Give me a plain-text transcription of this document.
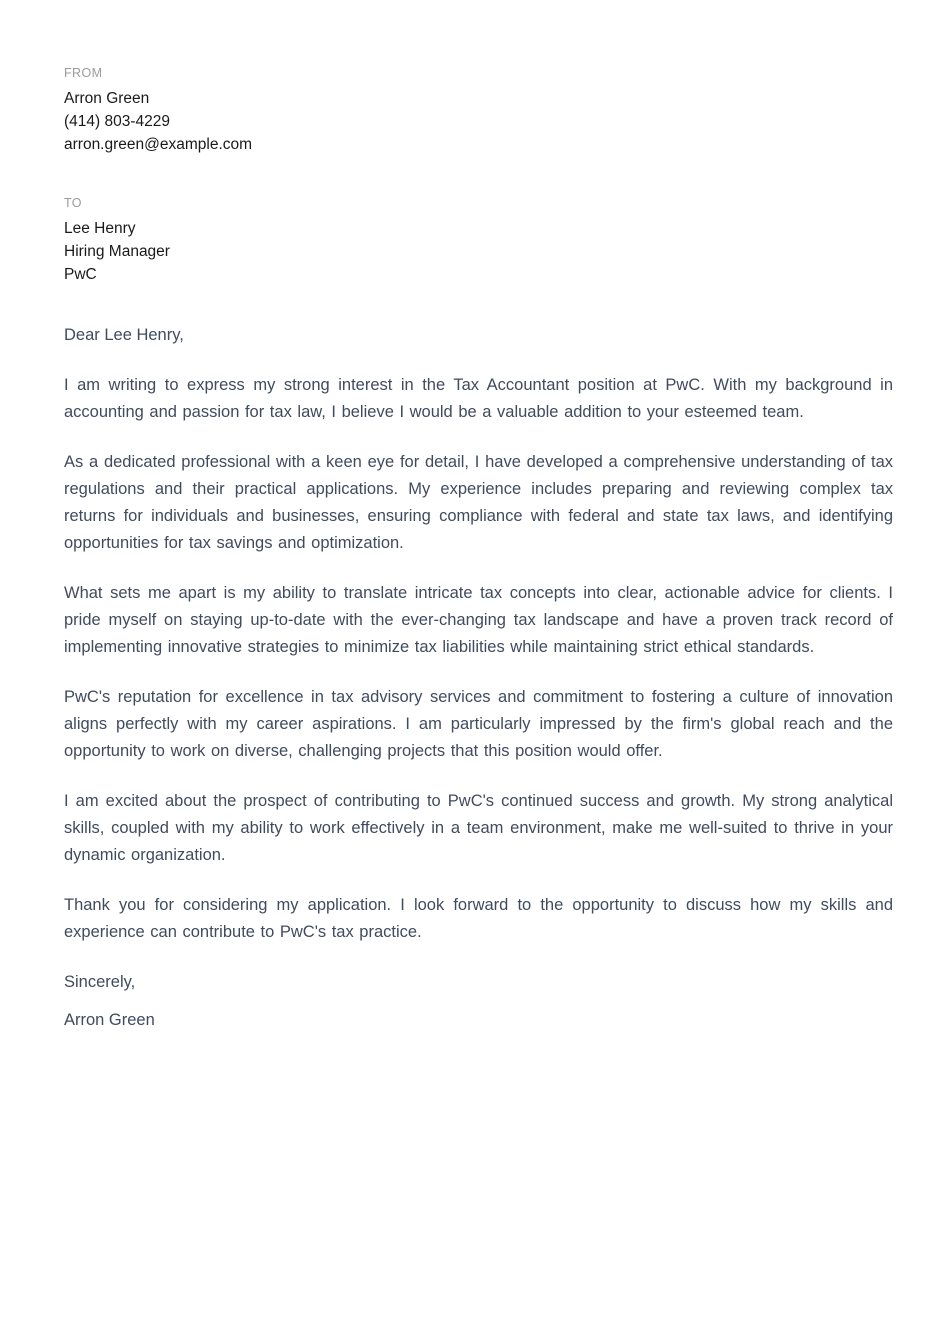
FROM
Arron Green
(414) 803-4229
arron.green@example.com
TO
Lee Henry
Hiring Manager
PwC

Dear Lee Henry,

I am writing to express my strong interest in the Tax Accountant position at PwC. With my background in accounting and passion for tax law, I believe I would be a valuable addition to your esteemed team.

As a dedicated professional with a keen eye for detail, I have developed a comprehensive understanding of tax regulations and their practical applications. My experience includes preparing and reviewing complex tax returns for individuals and businesses, ensuring compliance with federal and state tax laws, and identifying opportunities for tax savings and optimization.

What sets me apart is my ability to translate intricate tax concepts into clear, actionable advice for clients. I pride myself on staying up-to-date with the ever-changing tax landscape and have a proven track record of implementing innovative strategies to minimize tax liabilities while maintaining strict ethical standards.

PwC's reputation for excellence in tax advisory services and commitment to fostering a culture of innovation aligns perfectly with my career aspirations. I am particularly impressed by the firm's global reach and the opportunity to work on diverse, challenging projects that this position would offer.

I am excited about the prospect of contributing to PwC's continued success and growth. My strong analytical skills, coupled with my ability to work effectively in a team environment, make me well-suited to thrive in your dynamic organization.

Thank you for considering my application. I look forward to the opportunity to discuss how my skills and experience can contribute to PwC's tax practice.

Sincerely,

Arron Green
